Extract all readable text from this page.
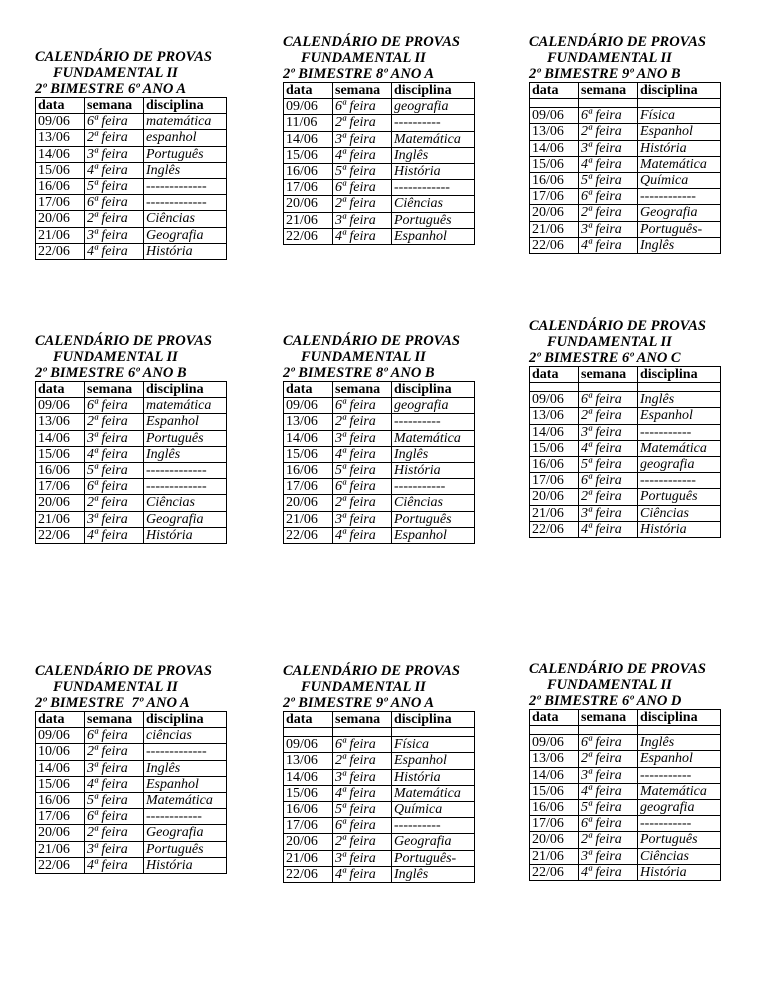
CALENDÁRIO DE PROVAS
FUNDAMENTAL II
2º BIMESTRE 6º ANO A
data	semana	disciplina
09/06	6ª feira	matemática
13/06	2ª feira	espanhol
14/06	3ª feira	Português
15/06	4ª feira	Inglês
16/06	5ª feira	-------------
17/06	6ª feira	-------------
20/06	2ª feira	Ciências
21/06	3ª feira	Geografia
22/06	4ª feira	História
CALENDÁRIO DE PROVAS
FUNDAMENTAL II
2º BIMESTRE 8º ANO A
data	semana	disciplina
09/06	6ª feira	geografia
11/06	2ª feira	----------
14/06	3ª feira	Matemática
15/06	4ª feira	Inglês
16/06	5ª feira	História
17/06	6ª feira	------------
20/06	2ª feira	Ciências
21/06	3ª feira	Português
22/06	4ª feira	Espanhol
CALENDÁRIO DE PROVAS
FUNDAMENTAL II
2º BIMESTRE 9º ANO B
data	semana	disciplina

09/06	6ª feira	Física
13/06	2ª feira	Espanhol
14/06	3ª feira	História
15/06	4ª feira	Matemática
16/06	5ª feira	Química
17/06	6ª feira	------------
20/06	2ª feira	Geografia
21/06	3ª feira	Português-
22/06	4ª feira	Inglês
CALENDÁRIO DE PROVAS
FUNDAMENTAL II
2º BIMESTRE 6º ANO B
data	semana	disciplina
09/06	6ª feira	matemática
13/06	2ª feira	Espanhol
14/06	3ª feira	Português
15/06	4ª feira	Inglês
16/06	5ª feira	-------------
17/06	6ª feira	-------------
20/06	2ª feira	Ciências
21/06	3ª feira	Geografia
22/06	4ª feira	História
CALENDÁRIO DE PROVAS
FUNDAMENTAL II
2º BIMESTRE 8º ANO B
data	semana	disciplina
09/06	6ª feira	geografia
13/06	2ª feira	----------
14/06	3ª feira	Matemática
15/06	4ª feira	Inglês
16/06	5ª feira	História
17/06	6ª feira	-----------
20/06	2ª feira	Ciências
21/06	3ª feira	Português
22/06	4ª feira	Espanhol
CALENDÁRIO DE PROVAS
FUNDAMENTAL II
2º BIMESTRE 6º ANO C
data	semana	disciplina

09/06	6ª feira	Inglês
13/06	2ª feira	Espanhol
14/06	3ª feira	-----------
15/06	4ª feira	Matemática
16/06	5ª feira	geografia
17/06	6ª feira	------------
20/06	2ª feira	Português
21/06	3ª feira	Ciências
22/06	4ª feira	História
CALENDÁRIO DE PROVAS
FUNDAMENTAL II
2º BIMESTRE  7º ANO A
data	semana	disciplina
09/06	6ª feira	ciências
10/06	2ª feira	-------------
14/06	3ª feira	Inglês
15/06	4ª feira	Espanhol
16/06	5ª feira	Matemática
17/06	6ª feira	------------
20/06	2ª feira	Geografia
21/06	3ª feira	Português
22/06	4ª feira	História
CALENDÁRIO DE PROVAS
FUNDAMENTAL II
2º BIMESTRE 9º ANO A
data	semana	disciplina

09/06	6ª feira	Física
13/06	2ª feira	Espanhol
14/06	3ª feira	História
15/06	4ª feira	Matemática
16/06	5ª feira	Química
17/06	6ª feira	----------
20/06	2ª feira	Geografia
21/06	3ª feira	Português-
22/06	4ª feira	Inglês
CALENDÁRIO DE PROVAS
FUNDAMENTAL II
2º BIMESTRE 6º ANO D
data	semana	disciplina

09/06	6ª feira	Inglês
13/06	2ª feira	Espanhol
14/06	3ª feira	-----------
15/06	4ª feira	Matemática
16/06	5ª feira	geografia
17/06	6ª feira	-----------
20/06	2ª feira	Português
21/06	3ª feira	Ciências
22/06	4ª feira	História
